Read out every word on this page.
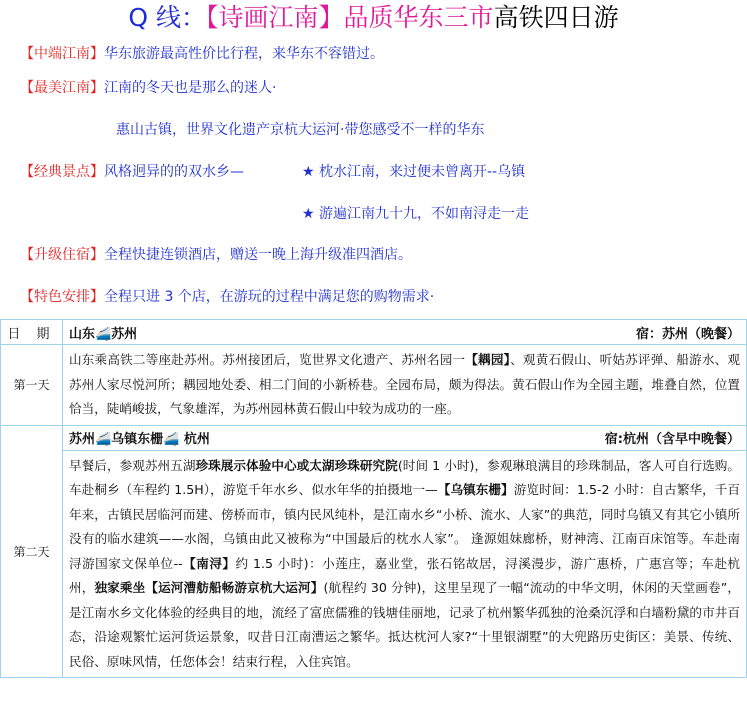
Q 线：【诗画江南】品质华东三市高铁四日游
【中端江南】华东旅游最高性价比行程，来华东不容错过。
【最美江南】江南的冬天也是那么的迷人·
惠山古镇，世界文化遗产京杭大运河·带您感受不一样的华东
【经典景点】风格迥异的的双水乡—	★ 枕水江南，来过便未曾离开--乌镇
★ 游遍江南九十九，不如南浔走一走
【升级住宿】全程快捷连锁酒店，赠送一晚上海升级准四酒店。
【特色安排】全程只进 3 个店，在游玩的过程中满足您的购物需求·
日 期	山东🚄苏州 宿：苏州（晚餐）

第一天	山东乘高铁二等座赴苏州。苏州接团后，览世界文化遗产、苏州名园一【耦园】、观黄石假山、听姑苏评弹、船游水、观苏州人家尽悦河所；耦园地处委、相二门间的小新桥巷。全园布局，颇为得法。黄石假山作为全园主题，堆叠自然，位置恰当，陡峭峻拔，气象雄浑，为苏州园林黄石假山中较为成功的一座。

第二天	苏州🚄乌镇东栅🚄 杭州 宿:杭州（含早中晚餐）

	早餐后，参观苏州五湖珍珠展示体验中心或太湖珍珠研究院(时间 1 小时)，参观琳琅满目的珍珠制品，客人可自行选购。车赴桐乡（车程约 1.5H），游览千年水乡、似水年华的拍摄地一—【乌镇东栅】游览时间：1.5-2 小时：自古繁华，千百年来，古镇民居临河而建、傍桥而市，镇内民风纯朴，是江南水乡“小桥、流水、人家”的典范，同时乌镇又有其它小镇所没有的临水建筑——水阁，乌镇由此又被称为“中国最后的枕水人家”。 逢源姐妹廊桥，财神湾、江南百床馆等。车赴南浔游国家文保单位--【南浔】约 1.5 小时)：小莲庄，嘉业堂，张石铭故居，浔溪漫步，游广惠桥，广惠宫等；车赴杭州，独家乘坐【运河漕舫船畅游京杭大运河】(航程约 30 分钟)，这里呈现了一幅“流动的中华文明，休闲的天堂画卷”，是江南水乡文化体验的经典目的地，流经了富庶儒雅的钱塘佳丽地，记录了杭州繁华孤独的沧桑沉浮和白墙粉黛的市井百态，沿途观繁忙运河货运景象，叹昔日江南漕运之繁华。抵达枕河人家?“十里银湖墅”的大兜路历史街区：美景、传统、民俗、原味风情，任您体会！结束行程，入住宾馆。
